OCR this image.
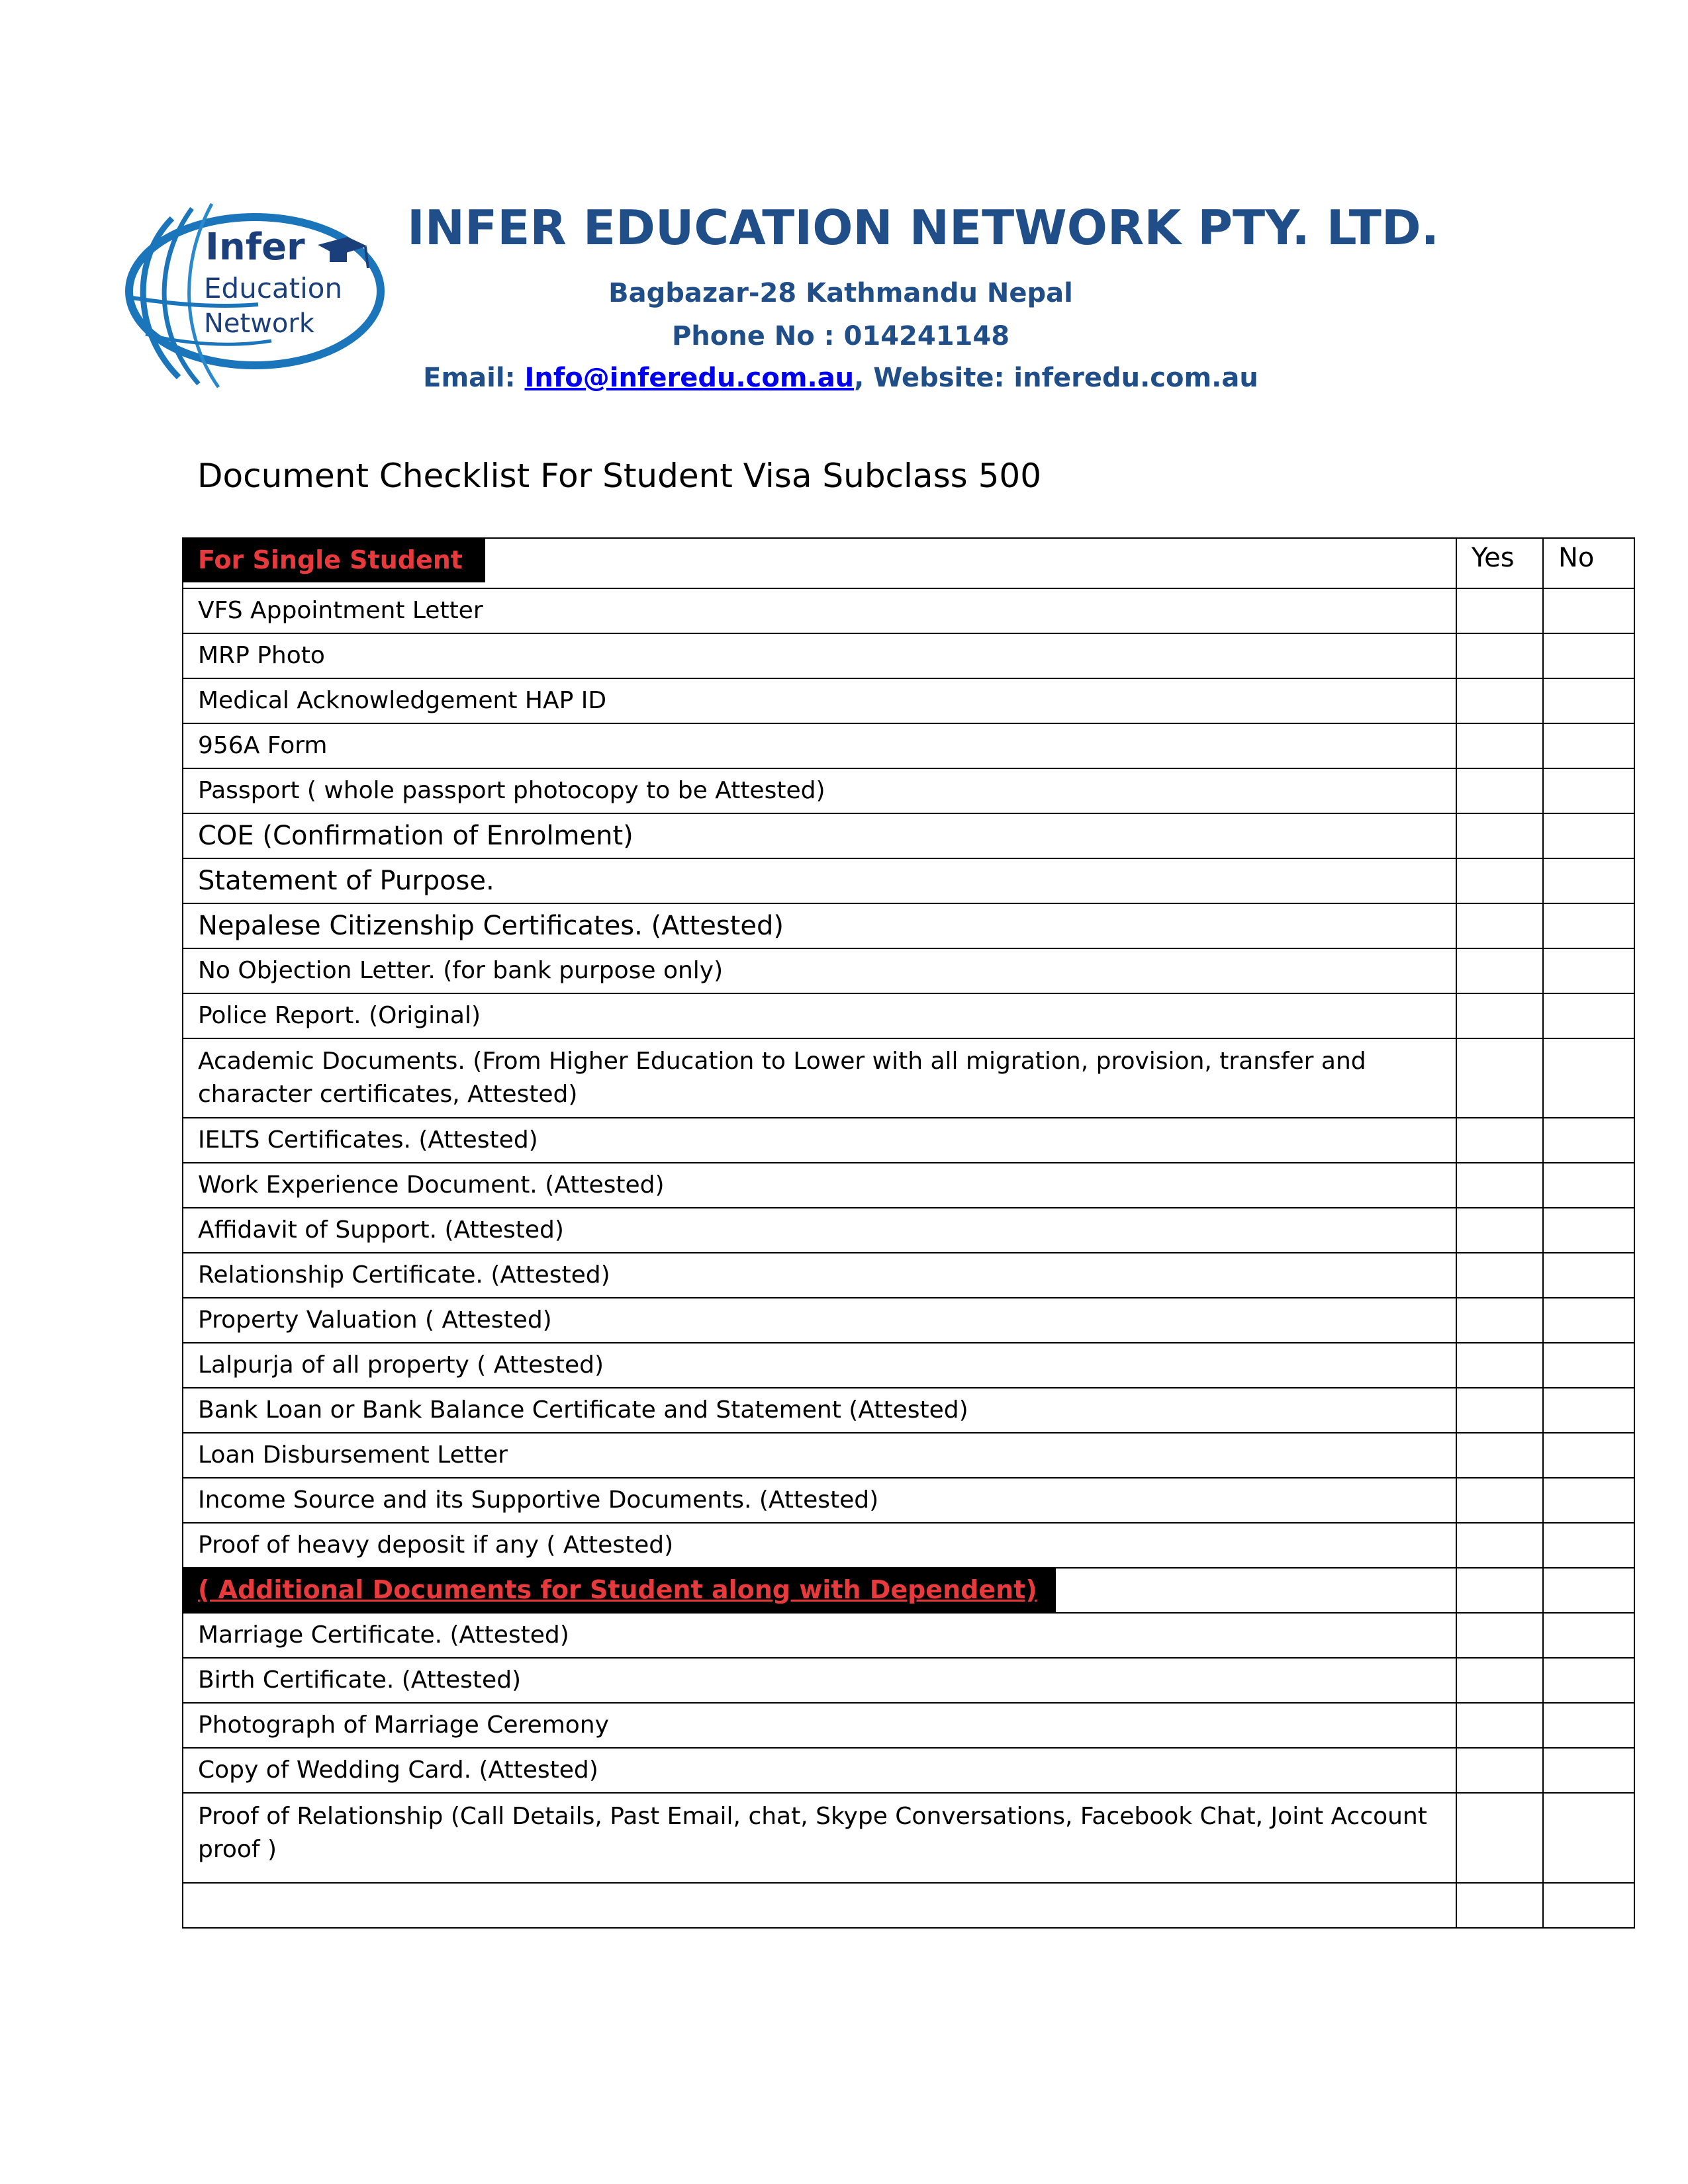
Infer
Education
Network
INFER EDUCATION NETWORK PTY. LTD.
Bagbazar-28 Kathmandu Nepal
Phone No : 014241148
Email: Info@inferedu.com.au, Website: inferedu.com.au
Document Checklist For Student Visa Subclass 500
For Single Student	Yes	No
VFS Appointment Letter		
MRP Photo		
Medical Acknowledgement HAP ID		
956A Form		
Passport ( whole passport photocopy to be Attested)		
COE (Confirmation of Enrolment)		
Statement of Purpose.		
Nepalese Citizenship Certificates. (Attested)		
No Objection Letter. (for bank purpose only)		
Police Report. (Original)		
Academic Documents. (From Higher Education to Lower with all migration, provision, transfer and character certificates, Attested)		
IELTS Certificates. (Attested)		
Work Experience Document. (Attested)		
Affidavit of Support. (Attested)		
Relationship Certificate. (Attested)		
Property Valuation ( Attested)		
Lalpurja of all property ( Attested)		
Bank Loan or Bank Balance Certificate and Statement (Attested)		
Loan Disbursement Letter		
Income Source and its Supportive Documents. (Attested)		
Proof of heavy deposit if any ( Attested)		
( Additional Documents for Student along with Dependent)		
Marriage Certificate. (Attested)		
Birth Certificate. (Attested)		
Photograph of Marriage Ceremony		
Copy of Wedding Card. (Attested)		
Proof of Relationship (Call Details, Past Email, chat, Skype Conversations, Facebook Chat, Joint Account proof )		
